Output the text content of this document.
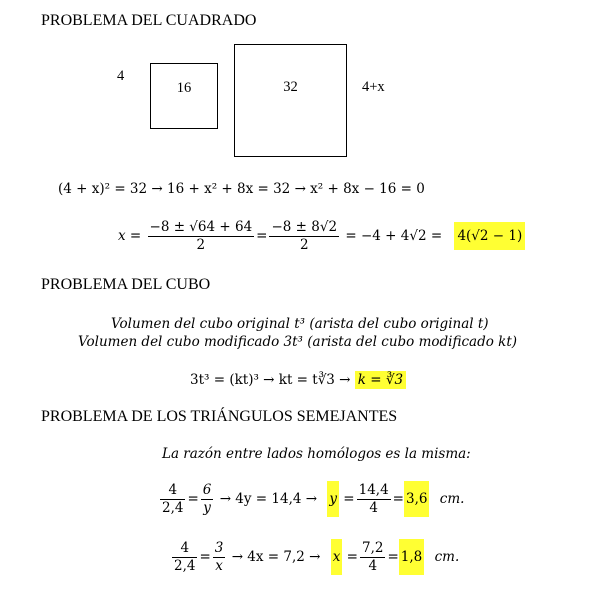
PROBLEMA DEL CUADRADO
4
16	32	4+x
(4 + x)² = 32 → 16 + x² + 8x = 32 → x² + 8x − 16 = 0
$x = \frac{-8 \pm √64 + 64}{2} = \frac{-8 \pm 8√2}{2} = -4 + 4√2 = 4(√2 - 1)$
PROBLEMA DEL CUBO
Volumen del cubo original t³ (arista del cubo original t)
Volumen del cubo modificado 3t³ (arista del cubo modificado kt)
3t³ = (kt)³ → kt = t∛3 → k = ∛3
PROBLEMA DE LOS TRIÁNGULOS SEMEJANTES
La razón entre lados homólogos es la misma:
$\frac{4}{2,4} = \frac{6}{y} \to 4y = 14,4 \to y = \frac{14,4}{4} = 3,6$ cm.
$\frac{4}{2,4} = \frac{3}{x} \to 4x = 7,2 \to x = \frac{7,2}{4} = 1,8$ cm.
